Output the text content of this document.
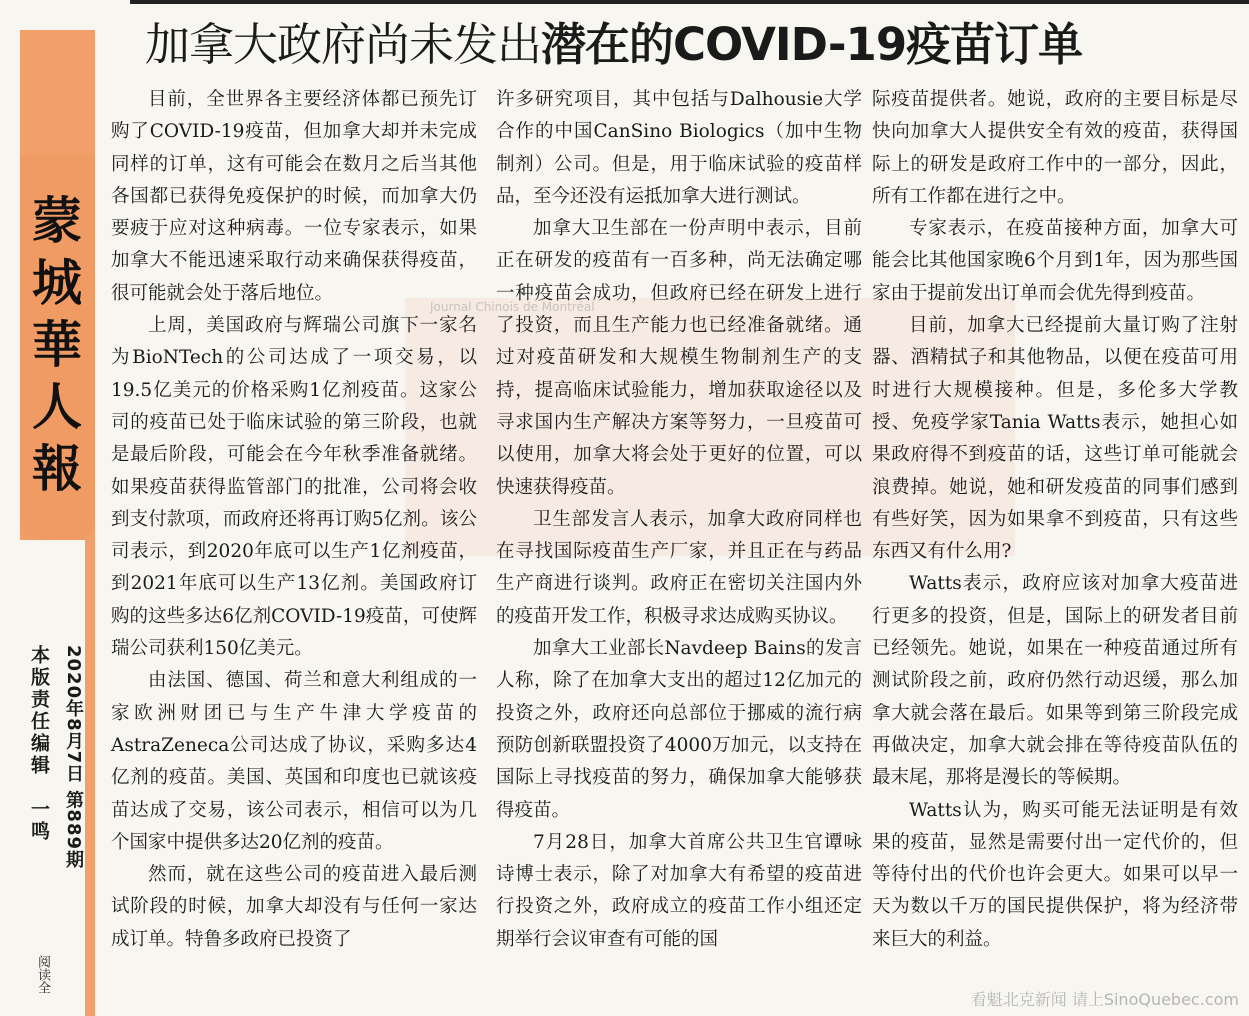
蒙城華人報
本版责任编辑　一鸣 2020年8月7日 第889期
阅读全
加拿大政府尚未发出潜在的COVID-19疫苗订单
Journal Chinois de Montréal

目前，全世界各主要经济体都已预先订购了COVID-19疫苗，但加拿大却并未完成同样的订单，这有可能会在数月之后当其他各国都已获得免疫保护的时候，而加拿大仍要疲于应对这种病毒。一位专家表示，如果加拿大不能迅速采取行动来确保获得疫苗，很可能就会处于落后地位。

上周，美国政府与辉瑞公司旗下一家名为BioNTech的公司达成了一项交易，以19.5亿美元的价格采购1亿剂疫苗。这家公司的疫苗已处于临床试验的第三阶段，也就是最后阶段，可能会在今年秋季准备就绪。如果疫苗获得监管部门的批准，公司将会收到支付款项，而政府还将再订购5亿剂。该公司表示，到2020年底可以生产1亿剂疫苗，到2021年底可以生产13亿剂。美国政府订购的这些多达6亿剂COVID-19疫苗，可使辉瑞公司获利150亿美元。

由法国、德国、荷兰和意大利组成的一家欧洲财团已与生产牛津大学疫苗的AstraZeneca公司达成了协议，采购多达4亿剂的疫苗。美国、英国和印度也已就该疫苗达成了交易，该公司表示，相信可以为几个国家中提供多达20亿剂的疫苗。

然而，就在这些公司的疫苗进入最后测试阶段的时候，加拿大却没有与任何一家达成订单。特鲁多政府已投资了

许多研究项目，其中包括与Dalhousie大学合作的中国CanSino Biologics（加中生物制剂）公司。但是，用于临床试验的疫苗样品，至今还没有运抵加拿大进行测试。

加拿大卫生部在一份声明中表示，目前正在研发的疫苗有一百多种，尚无法确定哪一种疫苗会成功，但政府已经在研发上进行了投资，而且生产能力也已经准备就绪。通过对疫苗研发和大规模生物制剂生产的支持，提高临床试验能力，增加获取途径以及寻求国内生产解决方案等努力，一旦疫苗可以使用，加拿大将会处于更好的位置，可以快速获得疫苗。

卫生部发言人表示，加拿大政府同样也在寻找国际疫苗生产厂家，并且正在与药品生产商进行谈判。政府正在密切关注国内外的疫苗开发工作，积极寻求达成购买协议。

加拿大工业部长Navdeep Bains的发言人称，除了在加拿大支出的超过12亿加元的投资之外，政府还向总部位于挪威的流行病预防创新联盟投资了4000万加元，以支持在国际上寻找疫苗的努力，确保加拿大能够获得疫苗。

7月28日，加拿大首席公共卫生官谭咏诗博士表示，除了对加拿大有希望的疫苗进行投资之外，政府成立的疫苗工作小组还定期举行会议审查有可能的国

际疫苗提供者。她说，政府的主要目标是尽快向加拿大人提供安全有效的疫苗，获得国际上的研发是政府工作中的一部分，因此，所有工作都在进行之中。

专家表示，在疫苗接种方面，加拿大可能会比其他国家晚6个月到1年，因为那些国家由于提前发出订单而会优先得到疫苗。

目前，加拿大已经提前大量订购了注射器、酒精拭子和其他物品，以便在疫苗可用时进行大规模接种。但是，多伦多大学教授、免疫学家Tania Watts表示，她担心如果政府得不到疫苗的话，这些订单可能就会浪费掉。她说，她和研发疫苗的同事们感到有些好笑，因为如果拿不到疫苗，只有这些东西又有什么用?

Watts表示，政府应该对加拿大疫苗进行更多的投资，但是，国际上的研发者目前已经领先。她说，如果在一种疫苗通过所有测试阶段之前，政府仍然行动迟缓，那么加拿大就会落在最后。如果等到第三阶段完成再做决定，加拿大就会排在等待疫苗队伍的最末尾，那将是漫长的等候期。

Watts认为，购买可能无法证明是有效果的疫苗，显然是需要付出一定代价的，但等待付出的代价也许会更大。如果可以早一天为数以千万的国民提供保护，将为经济带来巨大的利益。

看魁北克新闻 请上SinoQuebec.com
